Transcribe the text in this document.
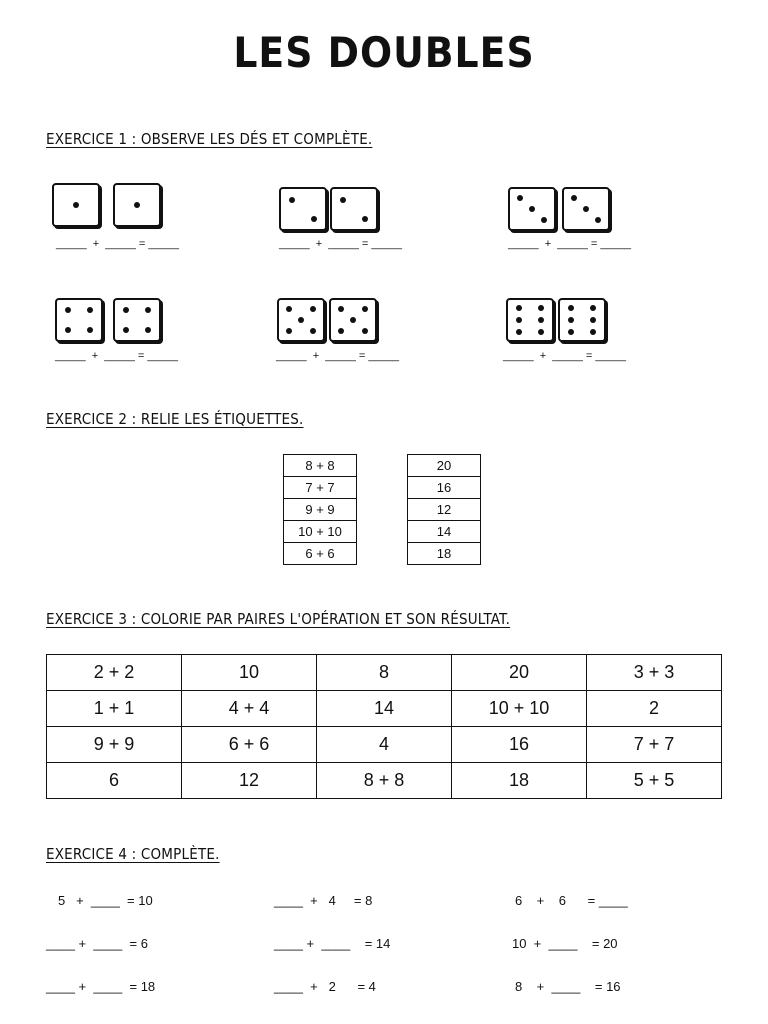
LES DOUBLES
EXERCICE 1 : OBSERVE LES DÉS ET COMPLÈTE.
_____  +  _____ = _____	_____  +  _____ = _____	_____  +  _____ = _____
_____  +  _____ = _____	_____  +  _____ = _____	_____  +  _____ = _____
EXERCICE 2 : RELIE LES ÉTIQUETTES.
8 + 8
7 + 7
9 + 9
10 + 10
6 + 6
20
16
12
14
18
EXERCICE 3 : COLORIE PAR PAIRES L'OPÉRATION ET SON RÉSULTAT.
2 + 2	10	8	20	3 + 3
1 + 1	4 + 4	14	10 + 10	2
9 + 9	6 + 6	4	16	7 + 7
6	12	8 + 8	18	5 + 5
EXERCICE 4 : COMPLÈTE.
5   +  ____  = 10	____  +   4     = 8	6    +    6      = ____
____ +  ____  = 6	____ +  ____    = 14	10  +  ____    = 20
____ +  ____  = 18	____  +   2      = 4	8    +  ____    = 16
